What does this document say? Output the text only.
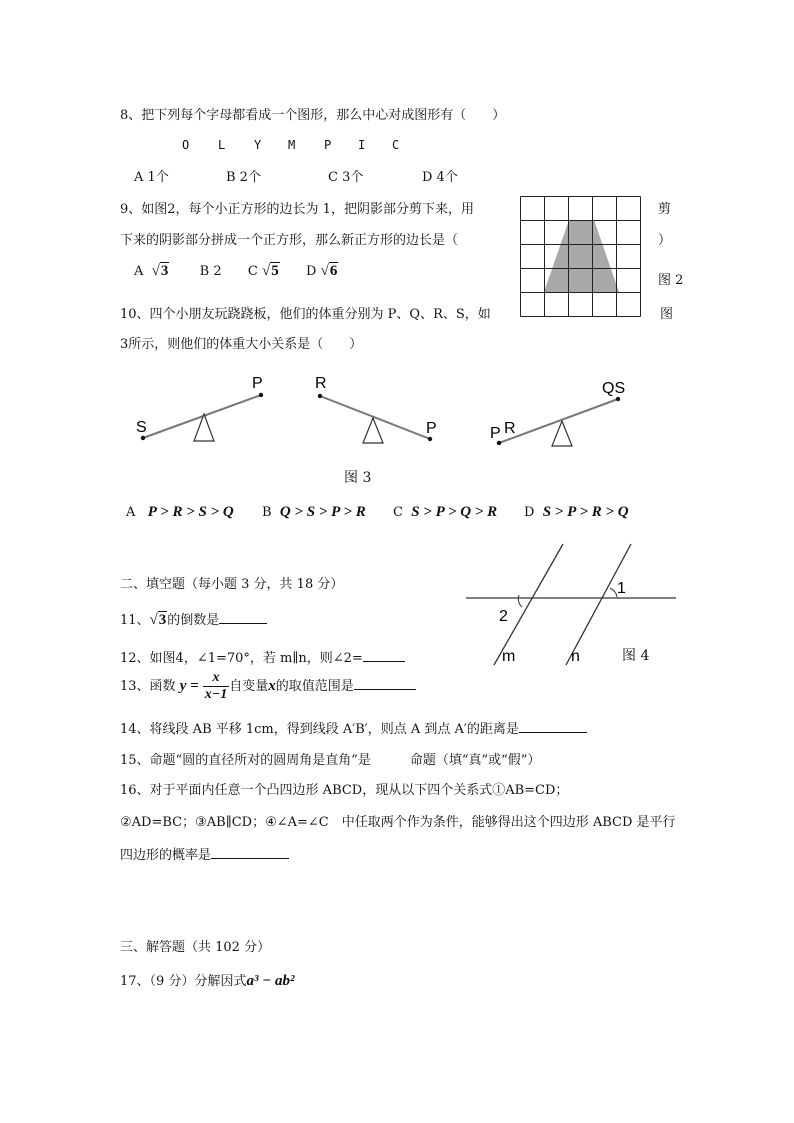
8、把下列每个字母都看成一个图形，那么中心对成图形有（　　）
O L Y M P I C
A 1个	B 2个	C 3个	D 4个
9、如图2，每个小正方形的边长为 1，把阴影部分剪下来，用
下来的阴影部分拼成一个正方形，那么新正方形的边长是（
剪
）
图 2
A √3 B 2 C √5 D √6
10、四个小朋友玩跷跷板，他们的体重分别为 P、Q、R、S，如	图
3所示，则他们的体重大小关系是（　　）
S
P	R
P	P R
QS
图 3
A P > R > S > Q B Q > S > P > R C S > P > Q > R D S > P > R > Q
二、填空题（每小题 3 分，共 18 分）	1
2
m	n	图 4
11、√3的倒数是
12、如图4，∠1=70°，若 m∥n，则∠2=
13、函数 $y = \frac{x}{x-1}$ 自变量x的取值范围是
14、将线段 AB 平移 1cm，得到线段 A′B′，则点 A 到点 A′的距离是
15、命题“圆的直径所对的圆周角是直角”是　　　命题（填“真”或“假”）
16、对于平面内任意一个凸四边形 ABCD，现从以下四个关系式①AB=CD；
②AD=BC；③AB∥CD；④∠A=∠C　中任取两个作为条件，能够得出这个四边形 ABCD 是平行
四边形的概率是
三、解答题（共 102 分）
17、（9 分）分解因式a³ − ab²
